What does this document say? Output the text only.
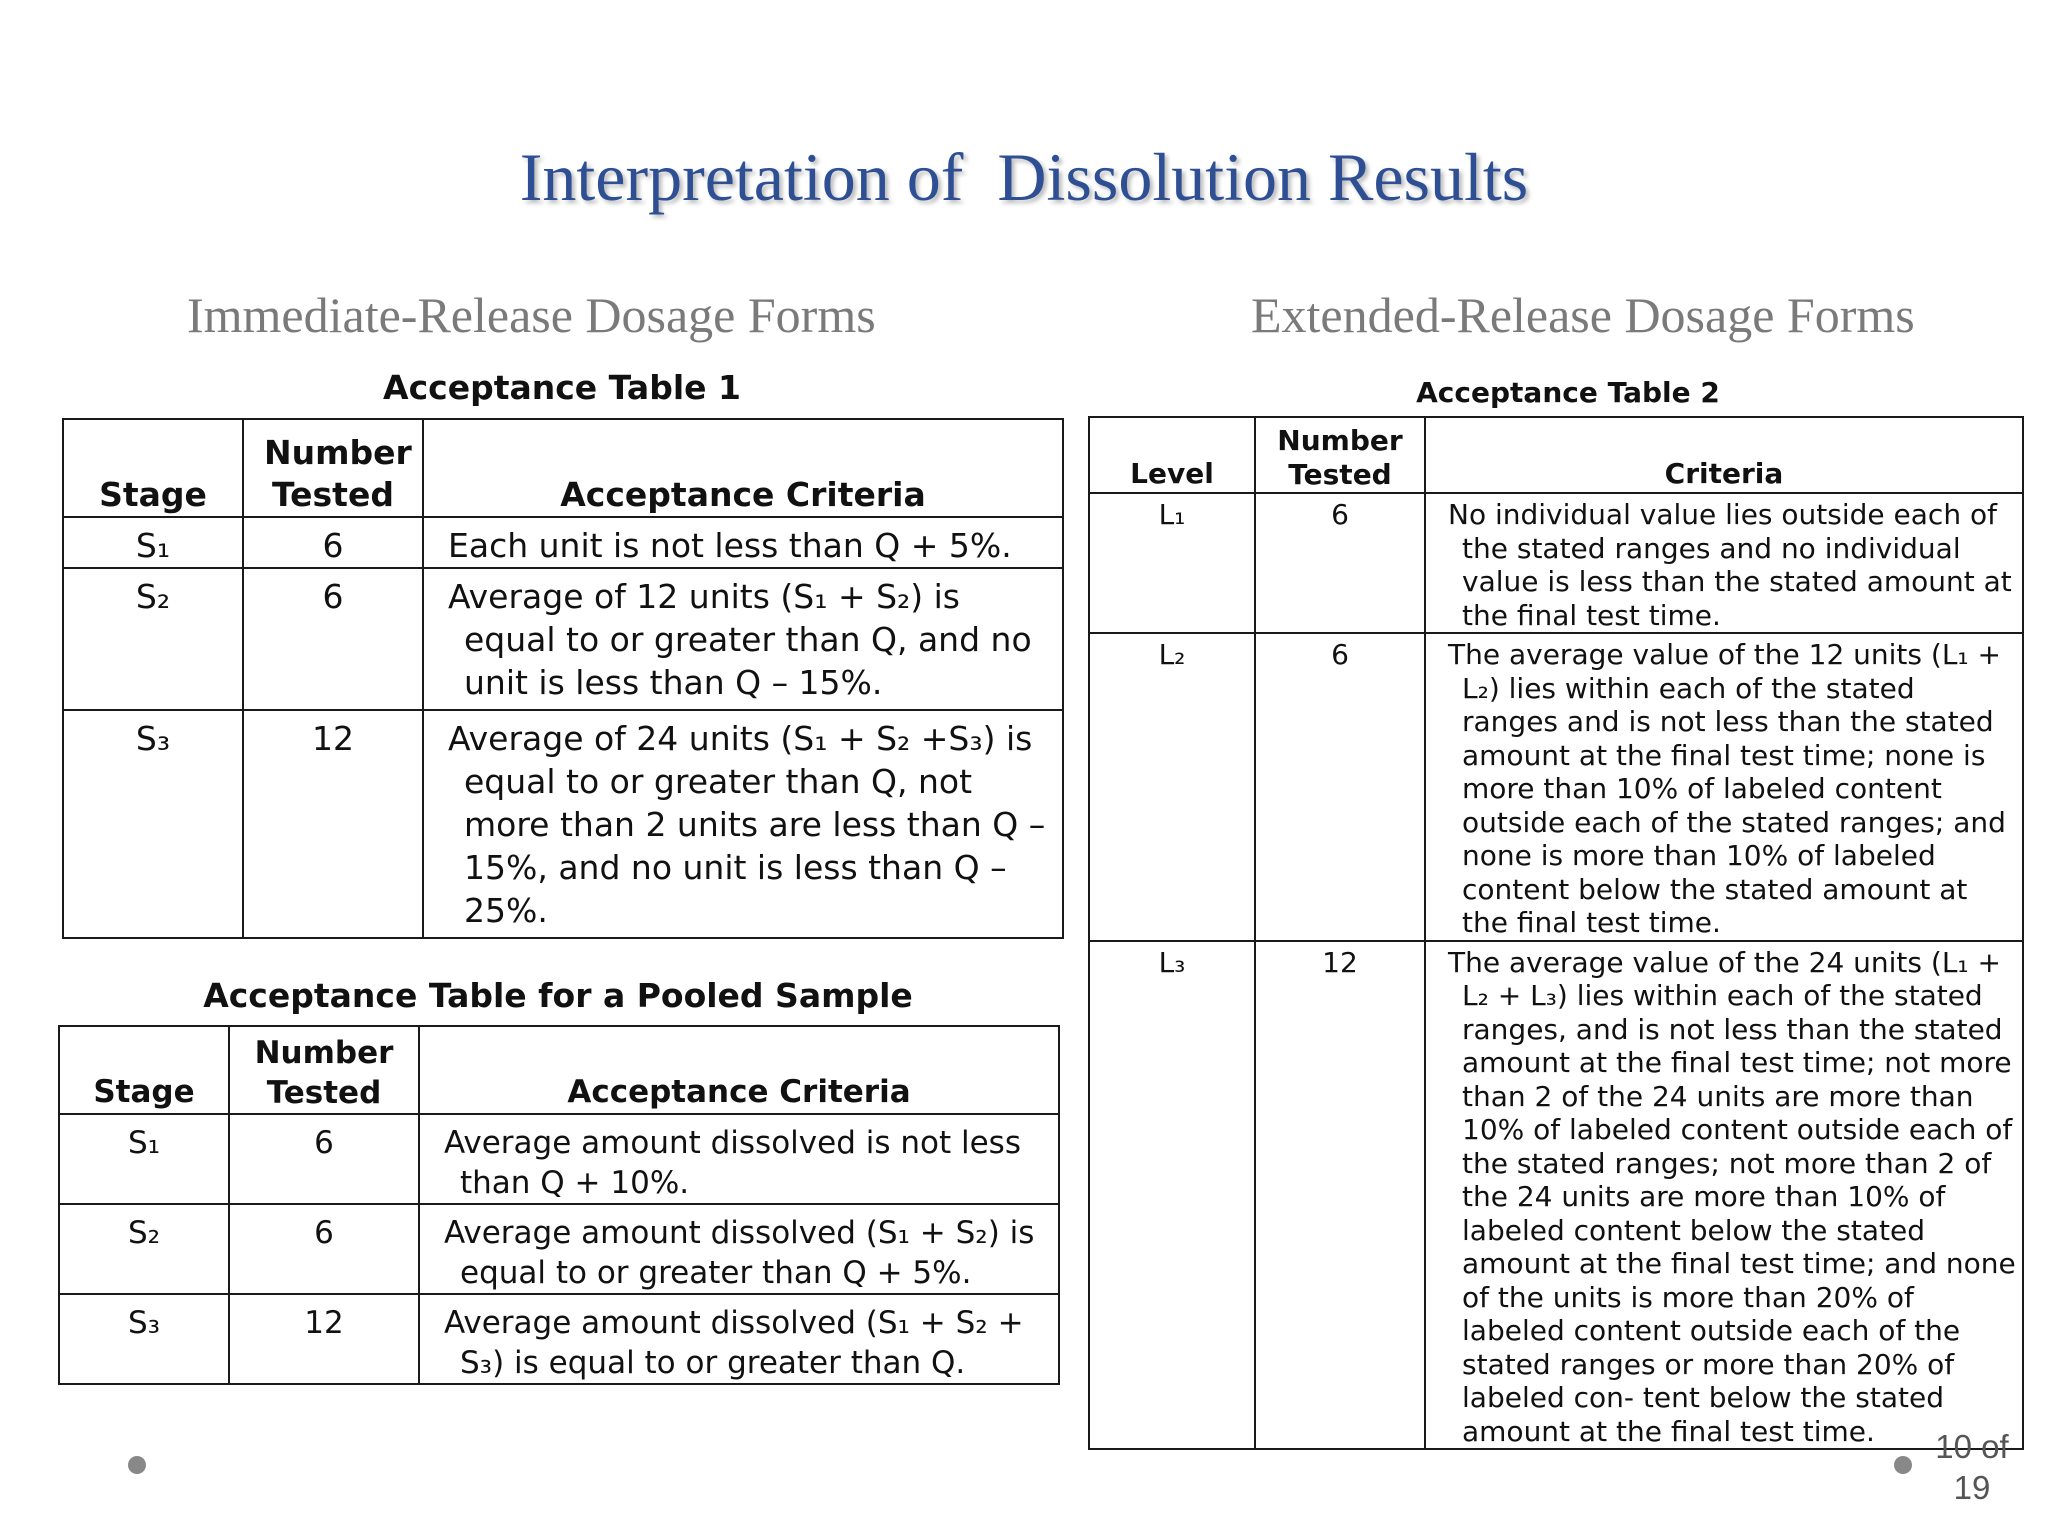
Interpretation of  Dissolution Results
Immediate-Release Dosage Forms	Extended-Release Dosage Forms
Acceptance Table 1
Stage	Number Tested	Acceptance Criteria
S₁	6	Each unit is not less than Q + 5%.
S₂	6	Average of 12 units (S₁ + S₂) is equal to or greater than Q, and no unit is less than Q – 15%.
S₃	12	Average of 24 units (S₁ + S₂ +S₃) is equal to or greater than Q, not more than 2 units are less than Q – 15%, and no unit is less than Q – 25%.
Acceptance Table for a Pooled Sample
Stage	Number Tested	Acceptance Criteria
S₁	6	Average amount dissolved is not less than Q + 10%.
S₂	6	Average amount dissolved (S₁ + S₂) is equal to or greater than Q + 5%.
S₃	12	Average amount dissolved (S₁ + S₂ + S₃) is equal to or greater than Q.
Acceptance Table 2
Level	Number Tested	Criteria
L₁	6	No individual value lies outside each of the stated ranges and no individual value is less than the stated amount at the final test time.
L₂	6	The average value of the 12 units (L₁ + L₂) lies within each of the stated ranges and is not less than the stated amount at the final test time; none is more than 10% of labeled content outside each of the stated ranges; and none is more than 10% of labeled content below the stated amount at the final test time.
L₃	12	The average value of the 24 units (L₁ + L₂ + L₃) lies within each of the stated ranges, and is not less than the stated amount at the final test time; not more than 2 of the 24 units are more than 10% of labeled content outside each of the stated ranges; not more than 2 of the 24 units are more than 10% of labeled content below the stated amount at the final test time; and none of the units is more than 20% of labeled content outside each of the stated ranges or more than 20% of labeled con- tent below the stated amount at the final test time.	10 of
19
